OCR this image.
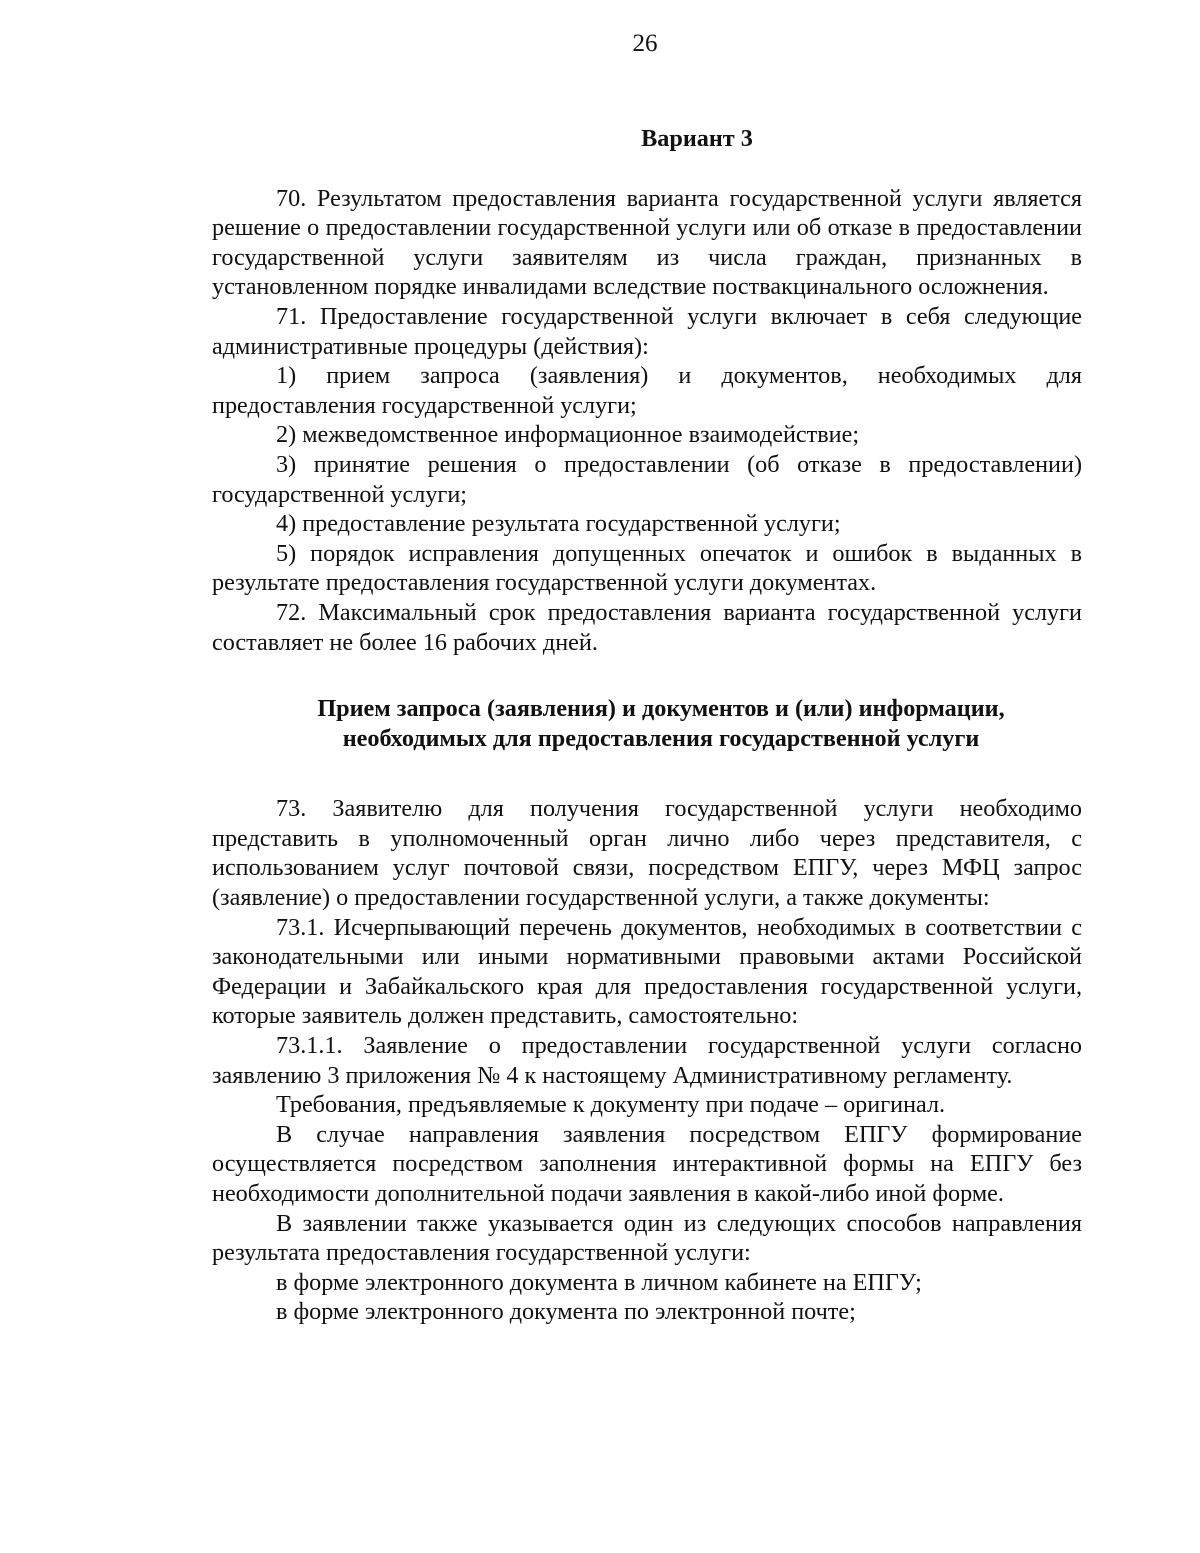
26
Вариант 3

70. Результатом предоставления варианта государственной услуги является решение о предоставлении государственной услуги или об отказе в предоставлении государственной услуги заявителям из числа граждан, признанных в установленном порядке инвалидами вследствие поствакцинального осложнения.

71. Предоставление государственной услуги включает в себя следующие административные процедуры (действия):

1) прием запроса (заявления) и документов, необходимых для предоставления государственной услуги;

2) межведомственное информационное взаимодействие;

3) принятие решения о предоставлении (об отказе в предоставлении) государственной услуги;

4) предоставление результата государственной услуги;

5) порядок исправления допущенных опечаток и ошибок в выданных в результате предоставления государственной услуги документах.

72. Максимальный срок предоставления варианта государственной услуги составляет не более 16 рабочих дней.

Прием запроса (заявления) и документов и (или) информации,
необходимых для предоставления государственной услуги

73. Заявителю для получения государственной услуги необходимо представить в уполномоченный орган лично либо через представителя, с использованием услуг почтовой связи, посредством ЕПГУ, через МФЦ запрос (заявление) о предоставлении государственной услуги, а также документы:

73.1. Исчерпывающий перечень документов, необходимых в соответствии с законодательными или иными нормативными правовыми актами Российской Федерации и Забайкальского края для предоставления государственной услуги, которые заявитель должен представить, самостоятельно:

73.1.1. Заявление о предоставлении государственной услуги согласно заявлению 3 приложения № 4 к настоящему Административному регламенту.

Требования, предъявляемые к документу при подаче – оригинал.

В случае направления заявления посредством ЕПГУ формирование осуществляется посредством заполнения интерактивной формы на ЕПГУ без необходимости дополнительной подачи заявления в какой-либо иной форме.

В заявлении также указывается один из следующих способов направления результата предоставления государственной услуги:

в форме электронного документа в личном кабинете на ЕПГУ;

в форме электронного документа по электронной почте;
